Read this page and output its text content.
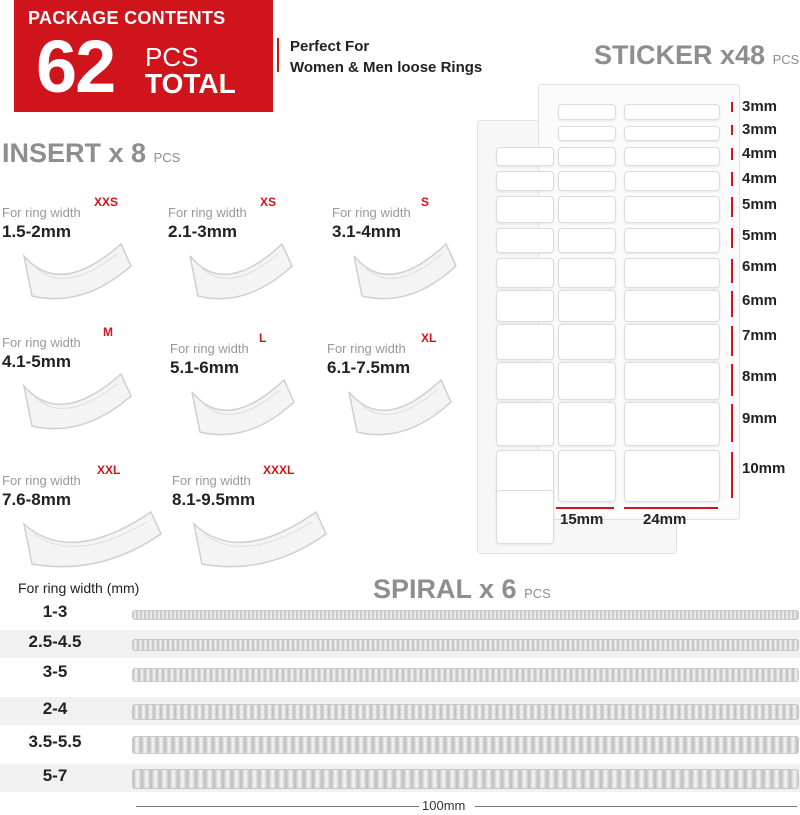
PACKAGE CONTENTS
62 PCS
TOTAL
Perfect For
Women & Men loose Rings	STICKER x48 PCS
3mm
3mm
4mm
4mm
5mm
5mm
6mm
6mm
7mm
8mm
9mm
10mm
15mm	24mm
INSERT x 8 PCS
For ring width
1.5-2mm
XXS
For ring width
2.1-3mm
XS
For ring width
3.1-4mm
S
For ring width
4.1-5mm
M
For ring width
5.1-6mm
L
For ring width
6.1-7.5mm
XL
For ring width
7.6-8mm
XXL
For ring width
8.1-9.5mm
XXXL
For ring width (mm)	SPIRAL x 6 PCS
1-3
2.5-4.5
3-5
2-4
3.5-5.5
5-7
100mm
